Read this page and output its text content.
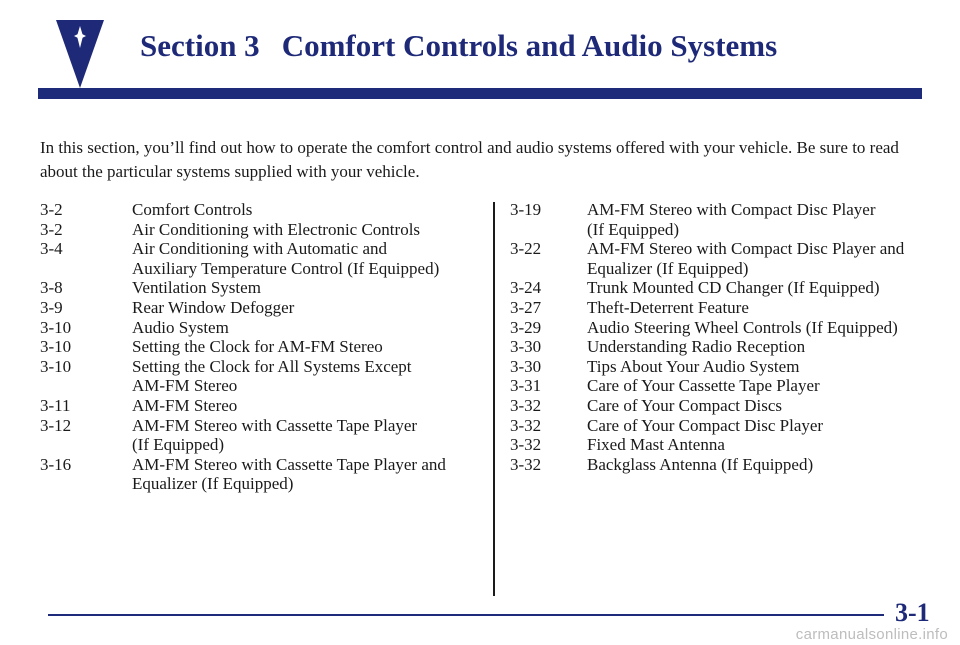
Section 3 Comfort Controls and Audio Systems

In this section, you’ll find out how to operate the comfort control and audio systems offered with your vehicle. Be sure to read about the particular systems supplied with your vehicle.

3-2	Comfort Controls
3-2	Air Conditioning with Electronic Controls
3-4	Air Conditioning with Automatic and
Auxiliary Temperature Control (If Equipped)
3-8	Ventilation System
3-9	Rear Window Defogger
3-10	Audio System
3-10	Setting the Clock for AM-FM Stereo
3-10	Setting the Clock for All Systems Except
AM-FM Stereo
3-11	AM-FM Stereo
3-12	AM-FM Stereo with Cassette Tape Player
(If Equipped)
3-16	AM-FM Stereo with Cassette Tape Player and
Equalizer (If Equipped)
3-19	AM-FM Stereo with Compact Disc Player
(If Equipped)
3-22	AM-FM Stereo with Compact Disc Player and
Equalizer (If Equipped)
3-24	Trunk Mounted CD Changer (If Equipped)
3-27	Theft-Deterrent Feature
3-29	Audio Steering Wheel Controls (If Equipped)
3-30	Understanding Radio Reception
3-30	Tips About Your Audio System
3-31	Care of Your Cassette Tape Player
3-32	Care of Your Compact Discs
3-32	Care of Your Compact Disc Player
3-32	Fixed Mast Antenna
3-32	Backglass Antenna (If Equipped)
3-1
carmanualsonline.info
